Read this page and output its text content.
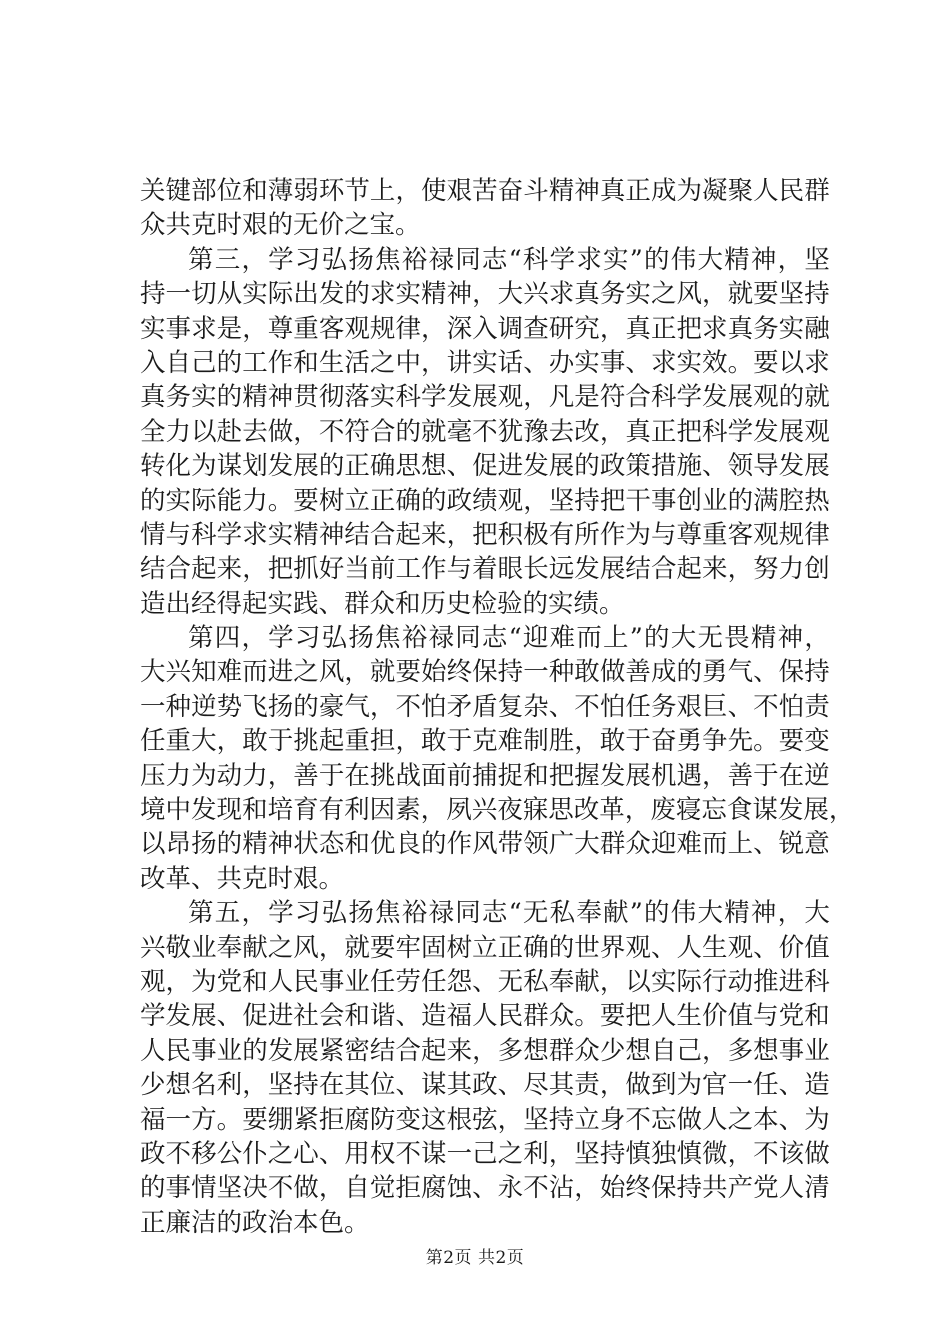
关 键 部 位 和 薄 弱 环 节 上 ， 使 艰 苦 奋 斗 精 神 真 正 成 为 凝 聚 人 民 群
众共克时艰的无价之宝。
第 三 ， 学 习 弘 扬 焦 裕 禄 同 志 “ 科 学 求 实 ” 的 伟 大 精 神 ， 坚
持 一 切 从 实 际 出 发 的 求 实 精 神 ， 大 兴 求 真 务 实 之 风 ， 就 要 坚 持
实 事 求 是 ， 尊 重 客 观 规 律 ， 深 入 调 查 研 究 ， 真 正 把 求 真 务 实 融
入 自 己 的 工 作 和 生 活 之 中 ， 讲 实 话 、 办 实 事 、 求 实 效 。 要 以 求
真 务 实 的 精 神 贯 彻 落 实 科 学 发 展 观 ， 凡 是 符 合 科 学 发 展 观 的 就
全 力 以 赴 去 做 ， 不 符 合 的 就 毫 不 犹 豫 去 改 ， 真 正 把 科 学 发 展 观
转 化 为 谋 划 发 展 的 正 确 思 想 、 促 进 发 展 的 政 策 措 施 、 领 导 发 展
的 实 际 能 力 。 要 树 立 正 确 的 政 绩 观 ， 坚 持 把 干 事 创 业 的 满 腔 热
情 与 科 学 求 实 精 神 结 合 起 来 ， 把 积 极 有 所 作 为 与 尊 重 客 观 规 律
结 合 起 来 ， 把 抓 好 当 前 工 作 与 着 眼 长 远 发 展 结 合 起 来 ， 努 力 创
造出经得起实践、群众和历史检验的实绩。
第 四 ， 学 习 弘 扬 焦 裕 禄 同 志 “ 迎 难 而 上 ” 的 大 无 畏 精 神 ，
大 兴 知 难 而 进 之 风 ， 就 要 始 终 保 持 一 种 敢 做 善 成 的 勇 气 、 保 持
一 种 逆 势 飞 扬 的 豪 气 ， 不 怕 矛 盾 复 杂 、 不 怕 任 务 艰 巨 、 不 怕 责
任 重 大 ， 敢 于 挑 起 重 担 ， 敢 于 克 难 制 胜 ， 敢 于 奋 勇 争 先 。 要 变
压 力 为 动 力 ， 善 于 在 挑 战 面 前 捕 捉 和 把 握 发 展 机 遇 ， 善 于 在 逆
境 中 发 现 和 培 育 有 利 因 素 ， 夙 兴 夜 寐 思 改 革 ， 废 寝 忘 食 谋 发 展 ，
以 昂 扬 的 精 神 状 态 和 优 良 的 作 风 带 领 广 大 群 众 迎 难 而 上 、 锐 意
改革、共克时艰。
第 五 ， 学 习 弘 扬 焦 裕 禄 同 志 “ 无 私 奉 献 ” 的 伟 大 精 神 ， 大
兴 敬 业 奉 献 之 风 ， 就 要 牢 固 树 立 正 确 的 世 界 观 、 人 生 观 、 价 值
观 ， 为 党 和 人 民 事 业 任 劳 任 怨 、 无 私 奉 献 ， 以 实 际 行 动 推 进 科
学 发 展 、 促 进 社 会 和 谐 、 造 福 人 民 群 众 。 要 把 人 生 价 值 与 党 和
人 民 事 业 的 发 展 紧 密 结 合 起 来 ， 多 想 群 众 少 想 自 己 ， 多 想 事 业
少 想 名 利 ， 坚 持 在 其 位 、 谋 其 政 、 尽 其 责 ， 做 到 为 官 一 任 、 造
福 一 方 。 要 绷 紧 拒 腐 防 变 这 根 弦 ， 坚 持 立 身 不 忘 做 人 之 本 、 为
政 不 移 公 仆 之 心 、 用 权 不 谋 一 己 之 利 ， 坚 持 慎 独 慎 微 ， 不 该 做
的 事 情 坚 决 不 做 ， 自 觉 拒 腐 蚀 、 永 不 沾 ， 始 终 保 持 共 产 党 人 清
正廉洁的政治本色。
第2页 共2页
